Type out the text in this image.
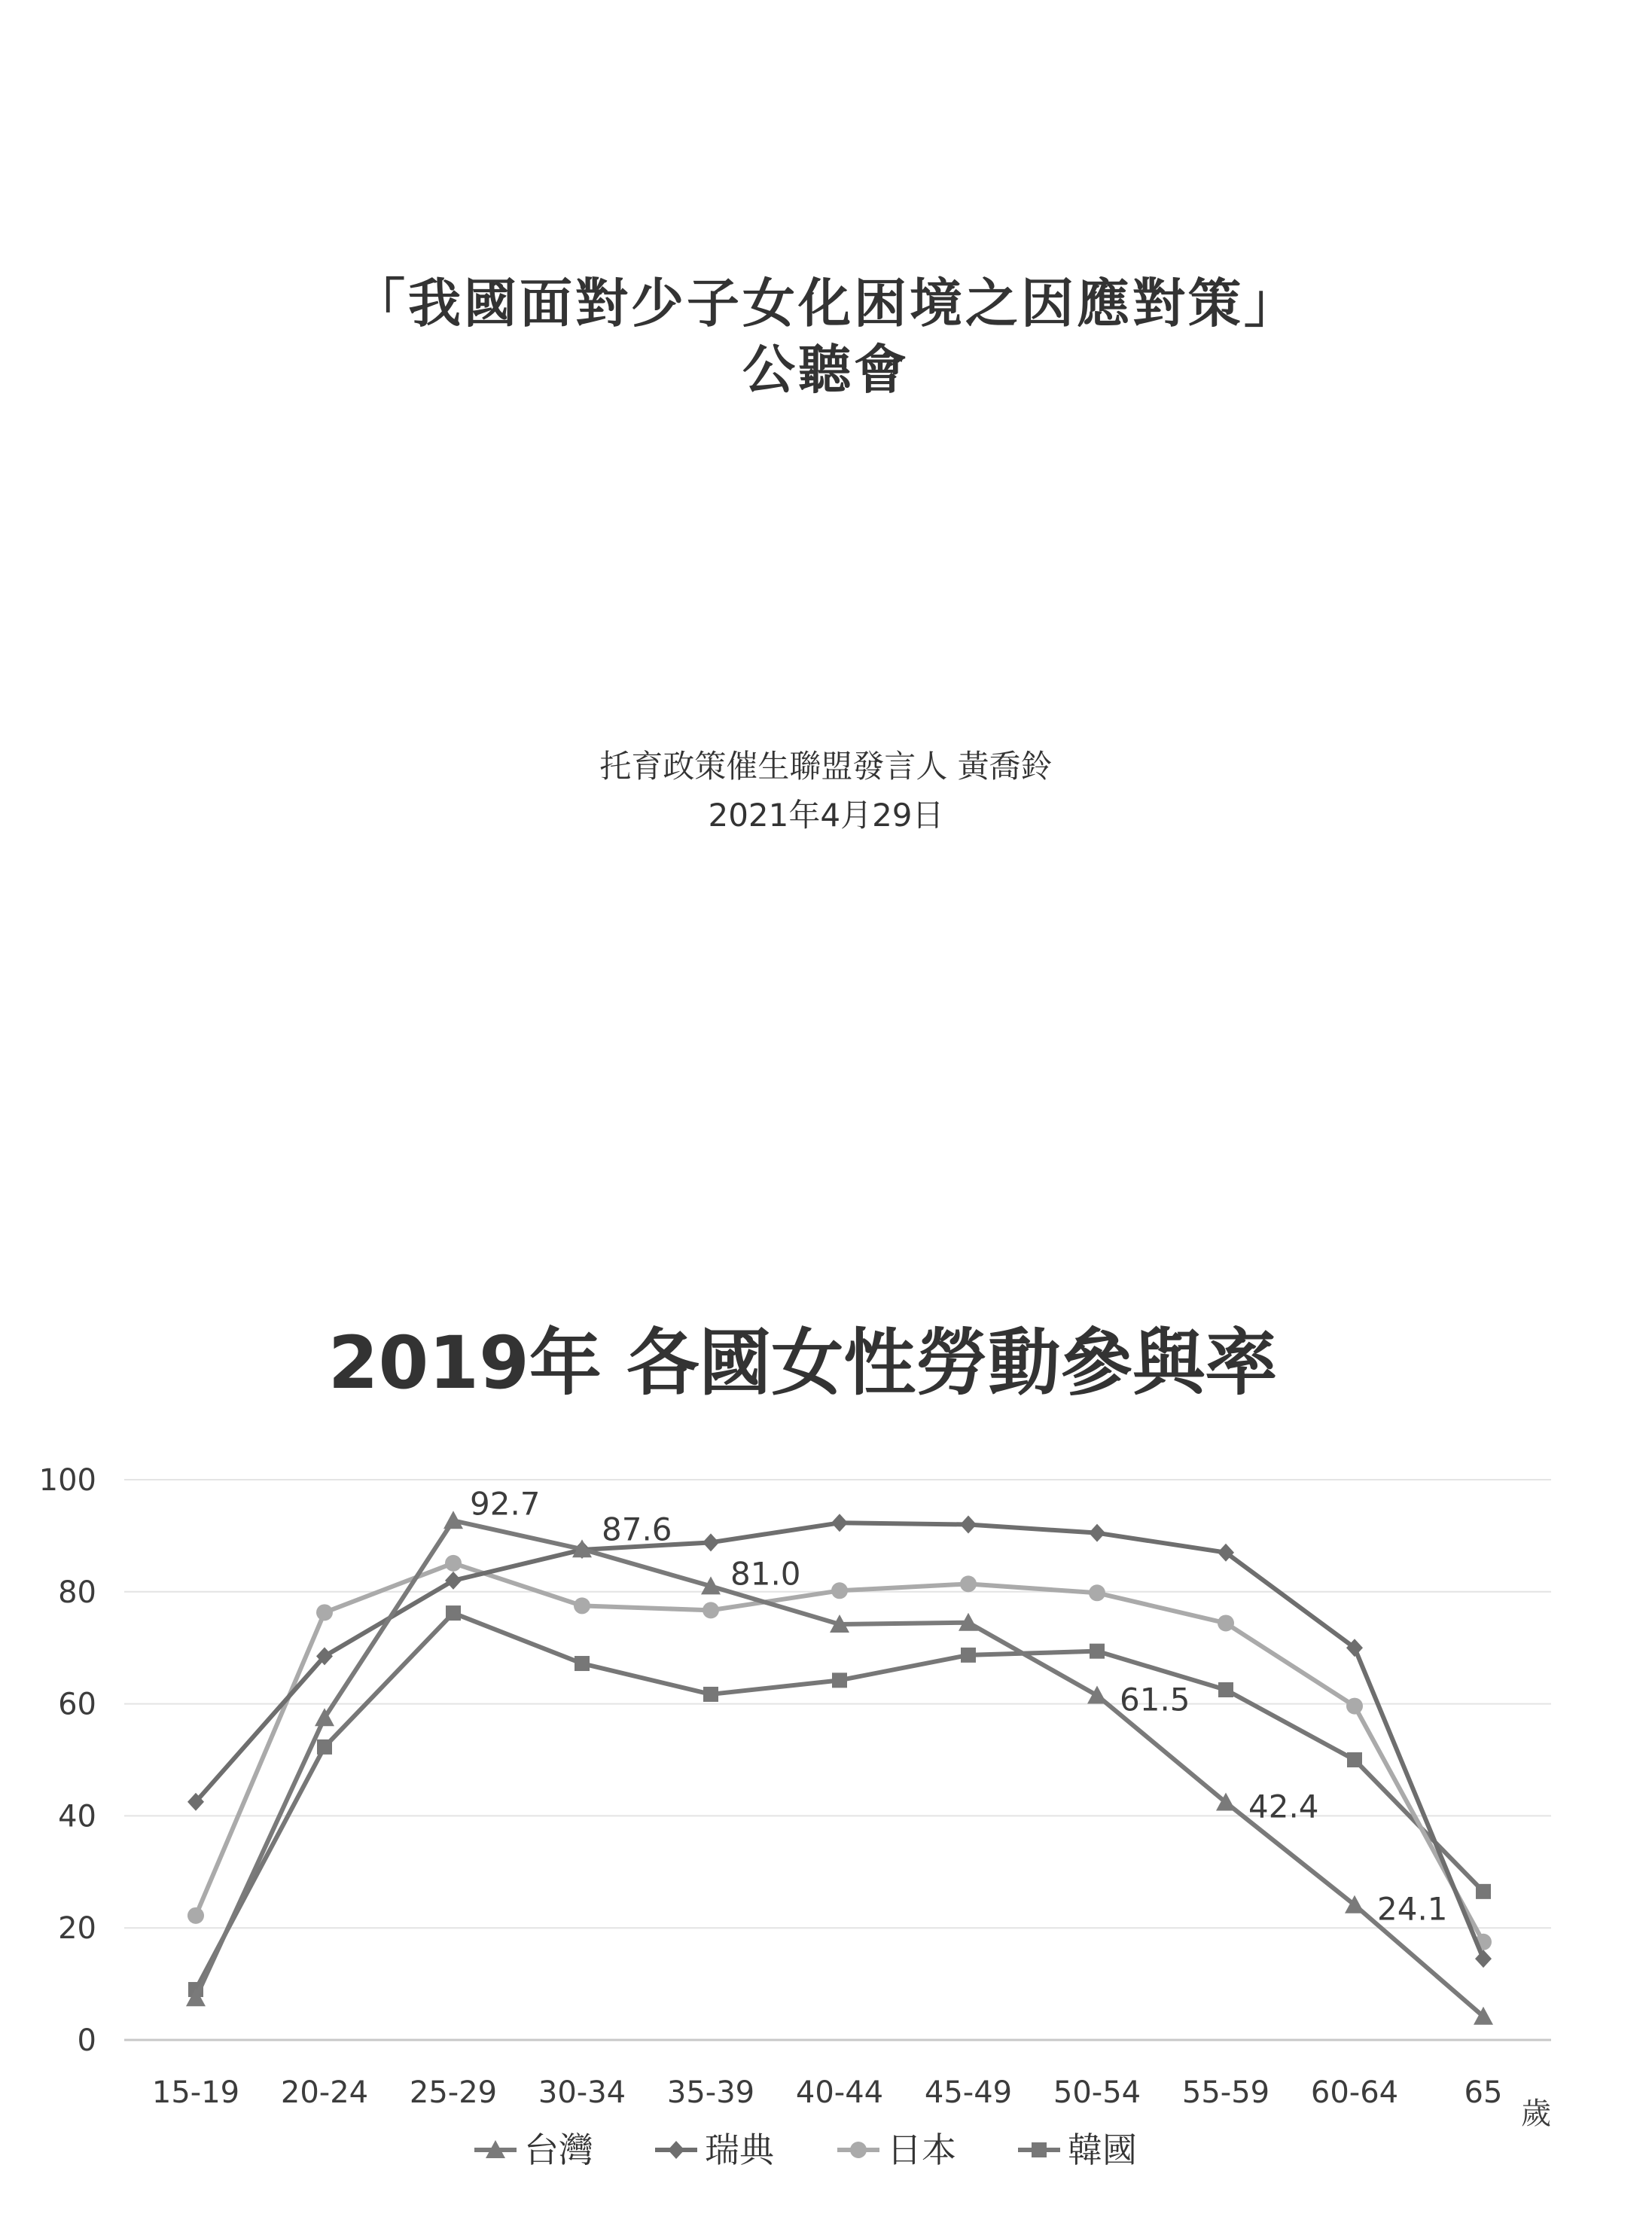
「我國面對少子女化困境之因應對策」
公聽會
托育政策催生聯盟發言人 黃喬鈴
2021年4月29日
2019年 各國女性勞動參與率
0
20
40
60
80
100
15-19 20-24 25-29 30-34 35-39 40-44 45-49 50-54 55-59 60-64 65
歲
92.7
87.6
81.0
61.5
42.4
24.1
台灣	瑞典	日本	韓國
